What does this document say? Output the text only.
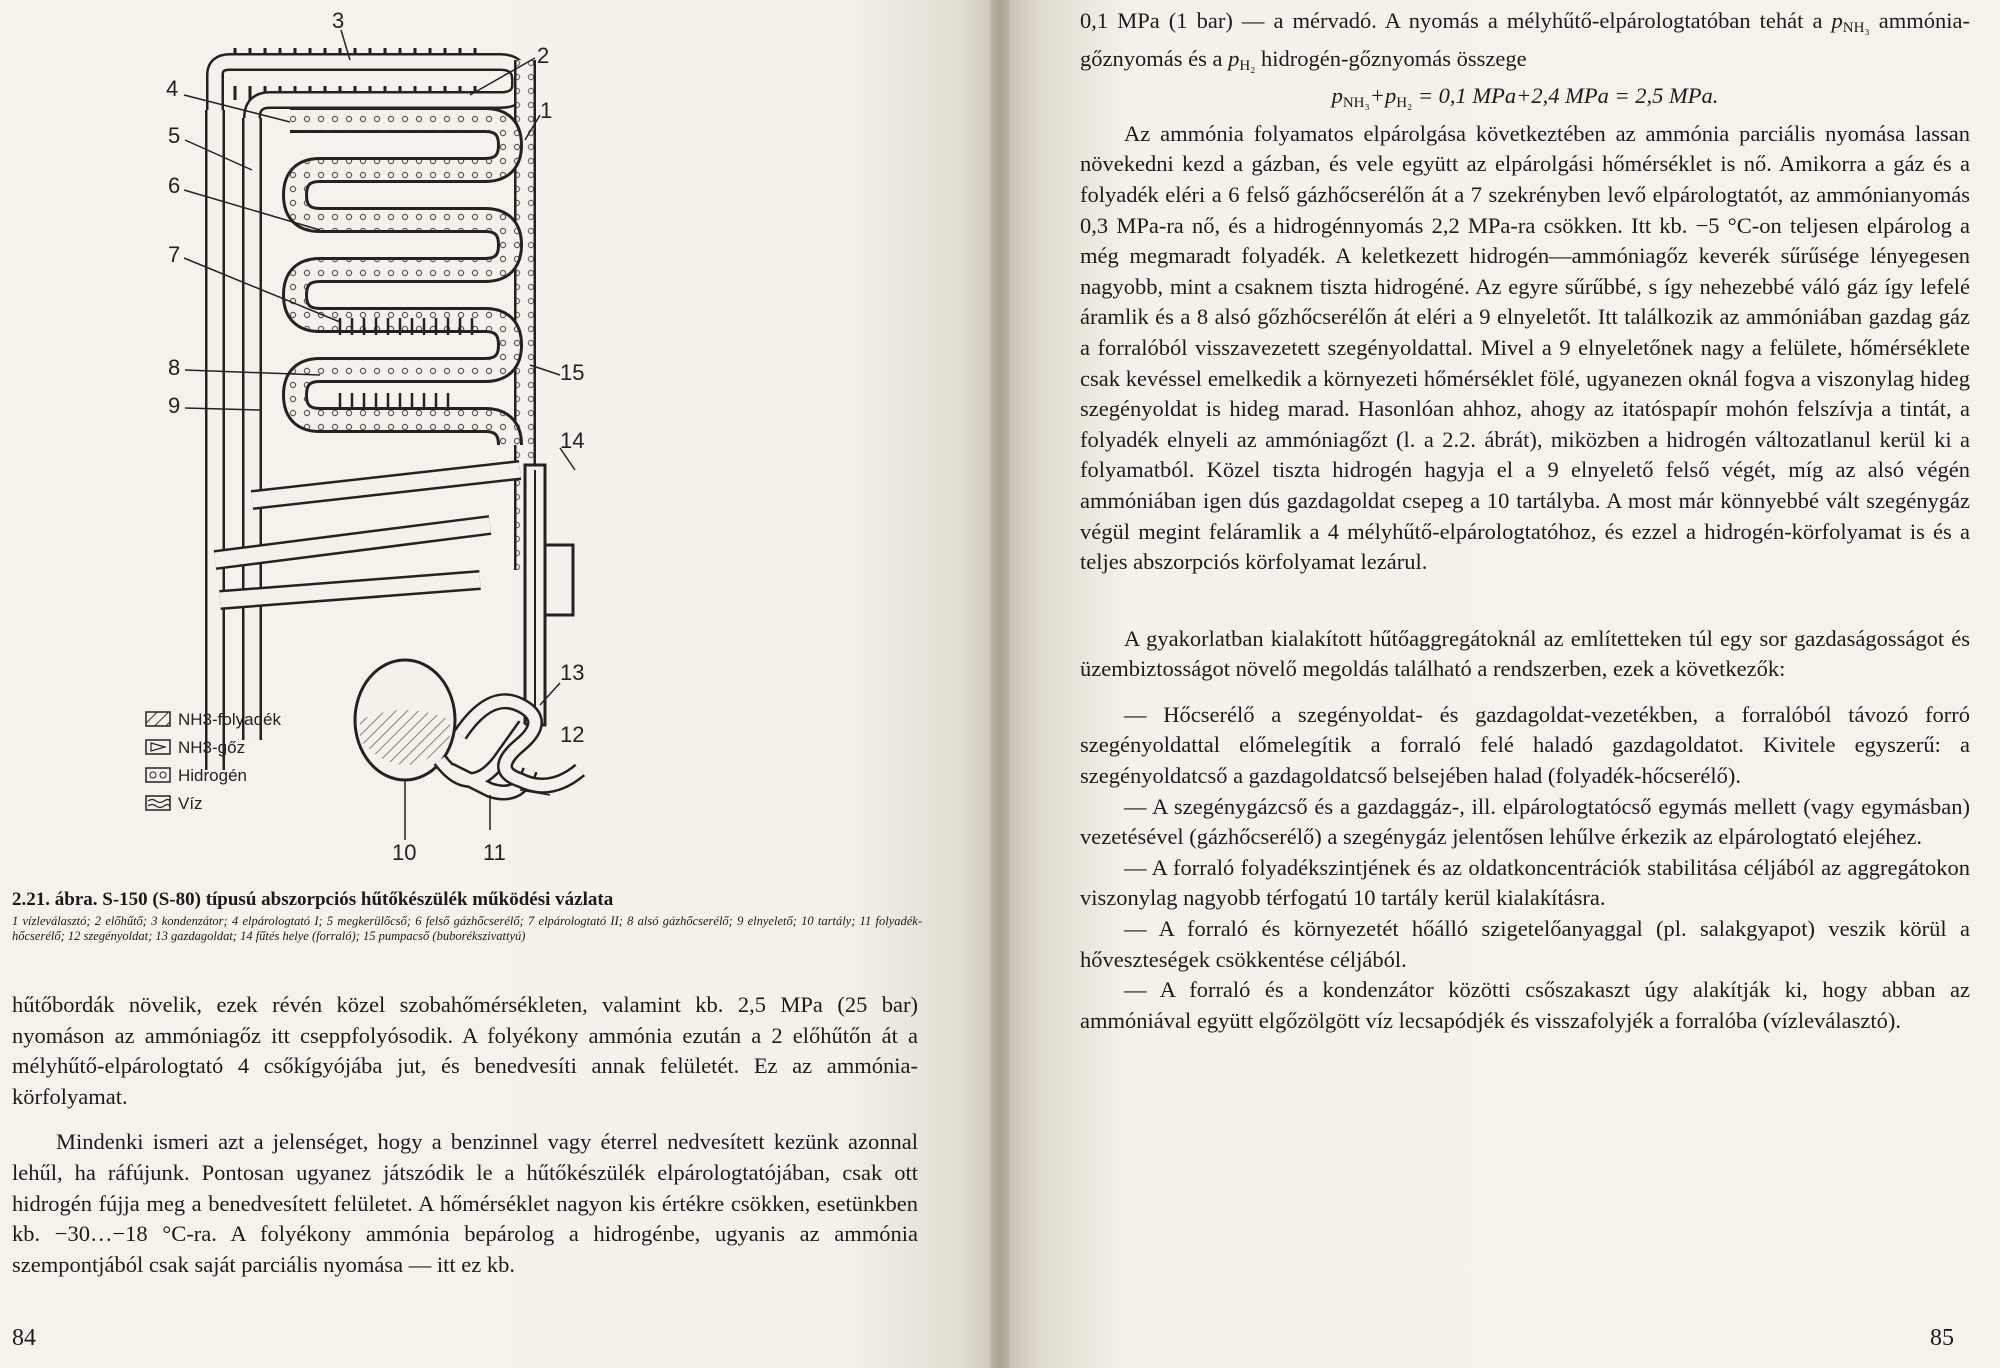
3
2
1
4
5
6
7
8
9
15
14
13
12
10	11
NH3-folyadék
NH3-gőz
Hidrogén
Víz

2.21. ábra. S-150 (S-80) típusú abszorpciós hűtőkészülék működési vázlata

1 vízleválasztó; 2 előhűtő; 3 kondenzátor; 4 elpárologtató I; 5 megkerülőcső; 6 felső gázhőcserélő; 7 elpárologtató II; 8 alsó gázhőcserélő; 9 elnyelető; 10 tartály; 11 folyadék-hőcserélő; 12 szegényoldat; 13 gazdagoldat; 14 fűtés helye (forraló); 15 pumpacső (buborékszivattyú)

hűtőbordák növelik, ezek révén közel szobahőmérsékleten, valamint kb. 2,5 MPa (25 bar) nyomáson az ammóniagőz itt cseppfolyósodik. A folyékony ammónia ezután a 2 előhűtőn át a mélyhűtő-elpárologtató 4 csőkígyójába jut, és benedvesíti annak felületét. Ez az ammónia-körfolyamat.

Mindenki ismeri azt a jelenséget, hogy a benzinnel vagy éterrel nedvesített kezünk azonnal lehűl, ha ráfújunk. Pontosan ugyanez játszódik le a hűtőkészülék elpárologtatójában, csak ott hidrogén fújja meg a benedvesített felületet. A hőmérséklet nagyon kis értékre csökken, esetünkben kb. −30…−18 °C-ra. A folyékony ammónia bepárolog a hidrogénbe, ugyanis az ammónia szempontjából csak saját parciális nyomása — itt ez kb.

84

0,1 MPa (1 bar) — a mérvadó. A nyomás a mélyhűtő-elpárologtatóban tehát a $p_{NH_3}$ ammónia-gőznyomás és a $p_{H_2}$ hidrogén-gőznyomás összege

$p_{NH_3}+p_{H_2} = 0,1$ MPa+2,4 MPa = 2,5 MPa.

Az ammónia folyamatos elpárolgása következtében az ammónia parciális nyomása lassan növekedni kezd a gázban, és vele együtt az elpárolgási hőmérséklet is nő. Amikorra a gáz és a folyadék eléri a 6 felső gázhőcserélőn át a 7 szekrényben levő elpárologtatót, az ammónianyomás 0,3 MPa-ra nő, és a hidrogénnyomás 2,2 MPa-ra csökken. Itt kb. −5 °C-on teljesen elpárolog a még megmaradt folyadék. A keletkezett hidrogén—ammóniagőz keverék sűrűsége lényegesen nagyobb, mint a csaknem tiszta hidrogéné. Az egyre sűrűbbé, s így nehezebbé váló gáz így lefelé áramlik és a 8 alsó gőzhőcserélőn át eléri a 9 elnyeletőt. Itt találkozik az ammóniában gazdag gáz a forralóból visszavezetett szegényoldattal. Mivel a 9 elnyeletőnek nagy a felülete, hőmérséklete csak kevéssel emelkedik a környezeti hőmérséklet fölé, ugyanezen oknál fogva a viszonylag hideg szegényoldat is hideg marad. Hasonlóan ahhoz, ahogy az itatóspapír mohón felszívja a tintát, a folyadék elnyeli az ammóniagőzt (l. a 2.2. ábrát), miközben a hidrogén változatlanul kerül ki a folyamatból. Közel tiszta hidrogén hagyja el a 9 elnyelető felső végét, míg az alsó végén ammóniában igen dús gazdagoldat csepeg a 10 tartályba. A most már könnyebbé vált szegénygáz végül megint feláramlik a 4 mélyhűtő-elpárologtatóhoz, és ezzel a hidrogén-körfolyamat is és a teljes abszorpciós körfolyamat lezárul.

A gyakorlatban kialakított hűtőaggregátoknál az említetteken túl egy sor gazdaságosságot és üzembiztosságot növelő megoldás található a rendszerben, ezek a következők:

— Hőcserélő a szegényoldat- és gazdagoldat-vezetékben, a forralóból távozó forró szegényoldattal előmelegítik a forraló felé haladó gazdagoldatot. Kivitele egyszerű: a szegényoldatcső a gazdagoldatcső belsejében halad (folyadék-hőcserélő).

— A szegénygázcső és a gazdaggáz-, ill. elpárologtatócső egymás mellett (vagy egymásban) vezetésével (gázhőcserélő) a szegénygáz jelentősen lehűlve érkezik az elpárologtató elejéhez.

— A forraló folyadékszintjének és az oldatkoncentrációk stabilitása céljából az aggregátokon viszonylag nagyobb térfogatú 10 tartály kerül kialakításra.

— A forraló és környezetét hőálló szigetelőanyaggal (pl. salakgyapot) veszik körül a hőveszteségek csökkentése céljából.

— A forraló és a kondenzátor közötti csőszakaszt úgy alakítják ki, hogy abban az ammóniával együtt elgőzölgött víz lecsapódjék és visszafolyjék a forralóba (vízleválasztó).

85
